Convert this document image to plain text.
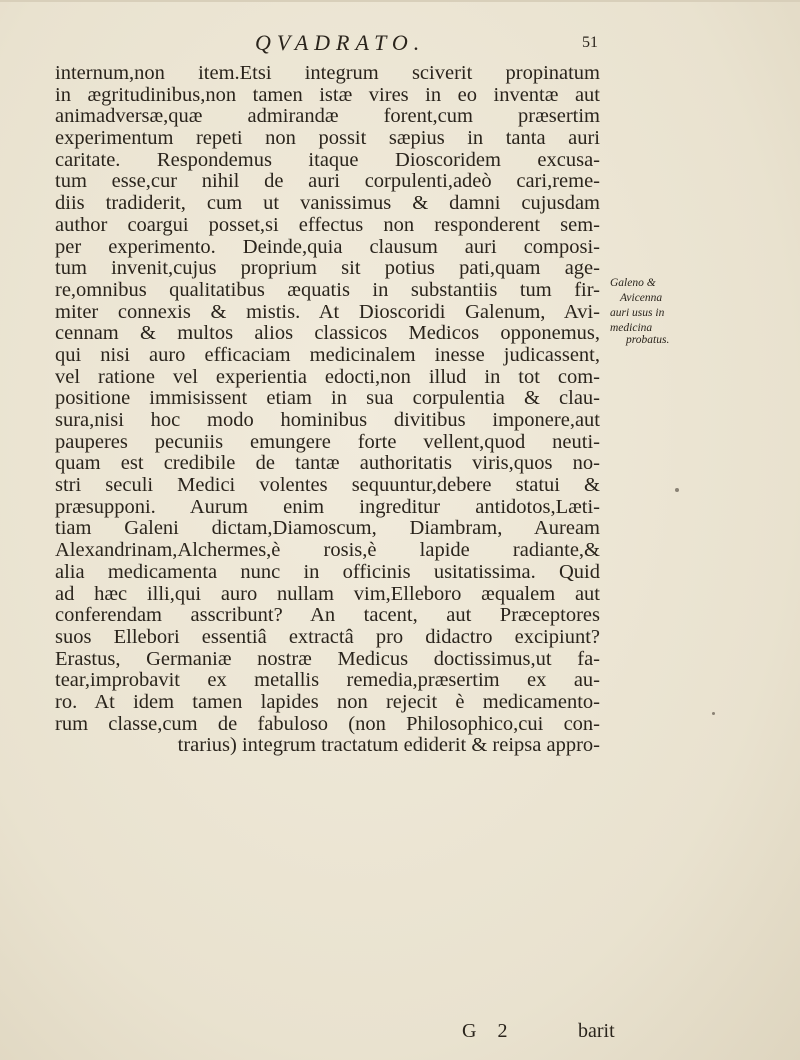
QVADRATO.	51
internum,non item.Etsi integrum sciverit propinatum
in ægritudinibus,non tamen istæ vires in eo inventæ aut
animadversæ,quæ admirandæ forent,cum præsertim
experimentum repeti non possit sæpius in tanta auri
caritate. Respondemus itaque Dioscoridem excusa-
tum esse,cur nihil de auri corpulenti,adeò cari,reme-
diis tradiderit, cum ut vanissimus & damni cujusdam
author coargui posset,si effectus non responderent sem-
per experimento. Deinde,quia clausum auri composi-
tum invenit,cujus proprium sit potius pati,quam age-
re,omnibus qualitatibus æquatis in substantiis tum fir-
miter connexis & mistis. At Dioscoridi Galenum, Avi-
cennam & multos alios classicos Medicos opponemus,
qui nisi auro efficaciam medicinalem inesse judicassent,
vel ratione vel experientia edocti,non illud in tot com-
positione immisissent etiam in sua corpulentia & clau-
sura,nisi hoc modo hominibus divitibus imponere,aut
pauperes pecuniis emungere forte vellent,quod neuti-
quam est credibile de tantæ authoritatis viris,quos no-
stri seculi Medici volentes sequuntur,debere statui &
præsupponi. Aurum enim ingreditur antidotos,Læti-
tiam Galeni dictam,Diamoscum, Diambram, Auream
Alexandrinam,Alchermes,è rosis,è lapide radiante,&
alia medicamenta nunc in officinis usitatissima. Quid
ad hæc illi,qui auro nullam vim,Elleboro æqualem aut
conferendam asscribunt? An tacent, aut Præceptores
suos Ellebori essentiâ extractâ pro didactro excipiunt?
Erastus, Germaniæ nostræ Medicus doctissimus,ut fa-
tear,improbavit ex metallis remedia,præsertim ex au-
ro. At idem tamen lapides non rejecit è medicamento-
rum classe,cum de fabuloso (non Philosophico,cui con-
trarius) integrum tractatum ediderit & reipsa appro-
Galeno &
Avicenna
auri usus in
medicina
probatus.
G 2	barit
